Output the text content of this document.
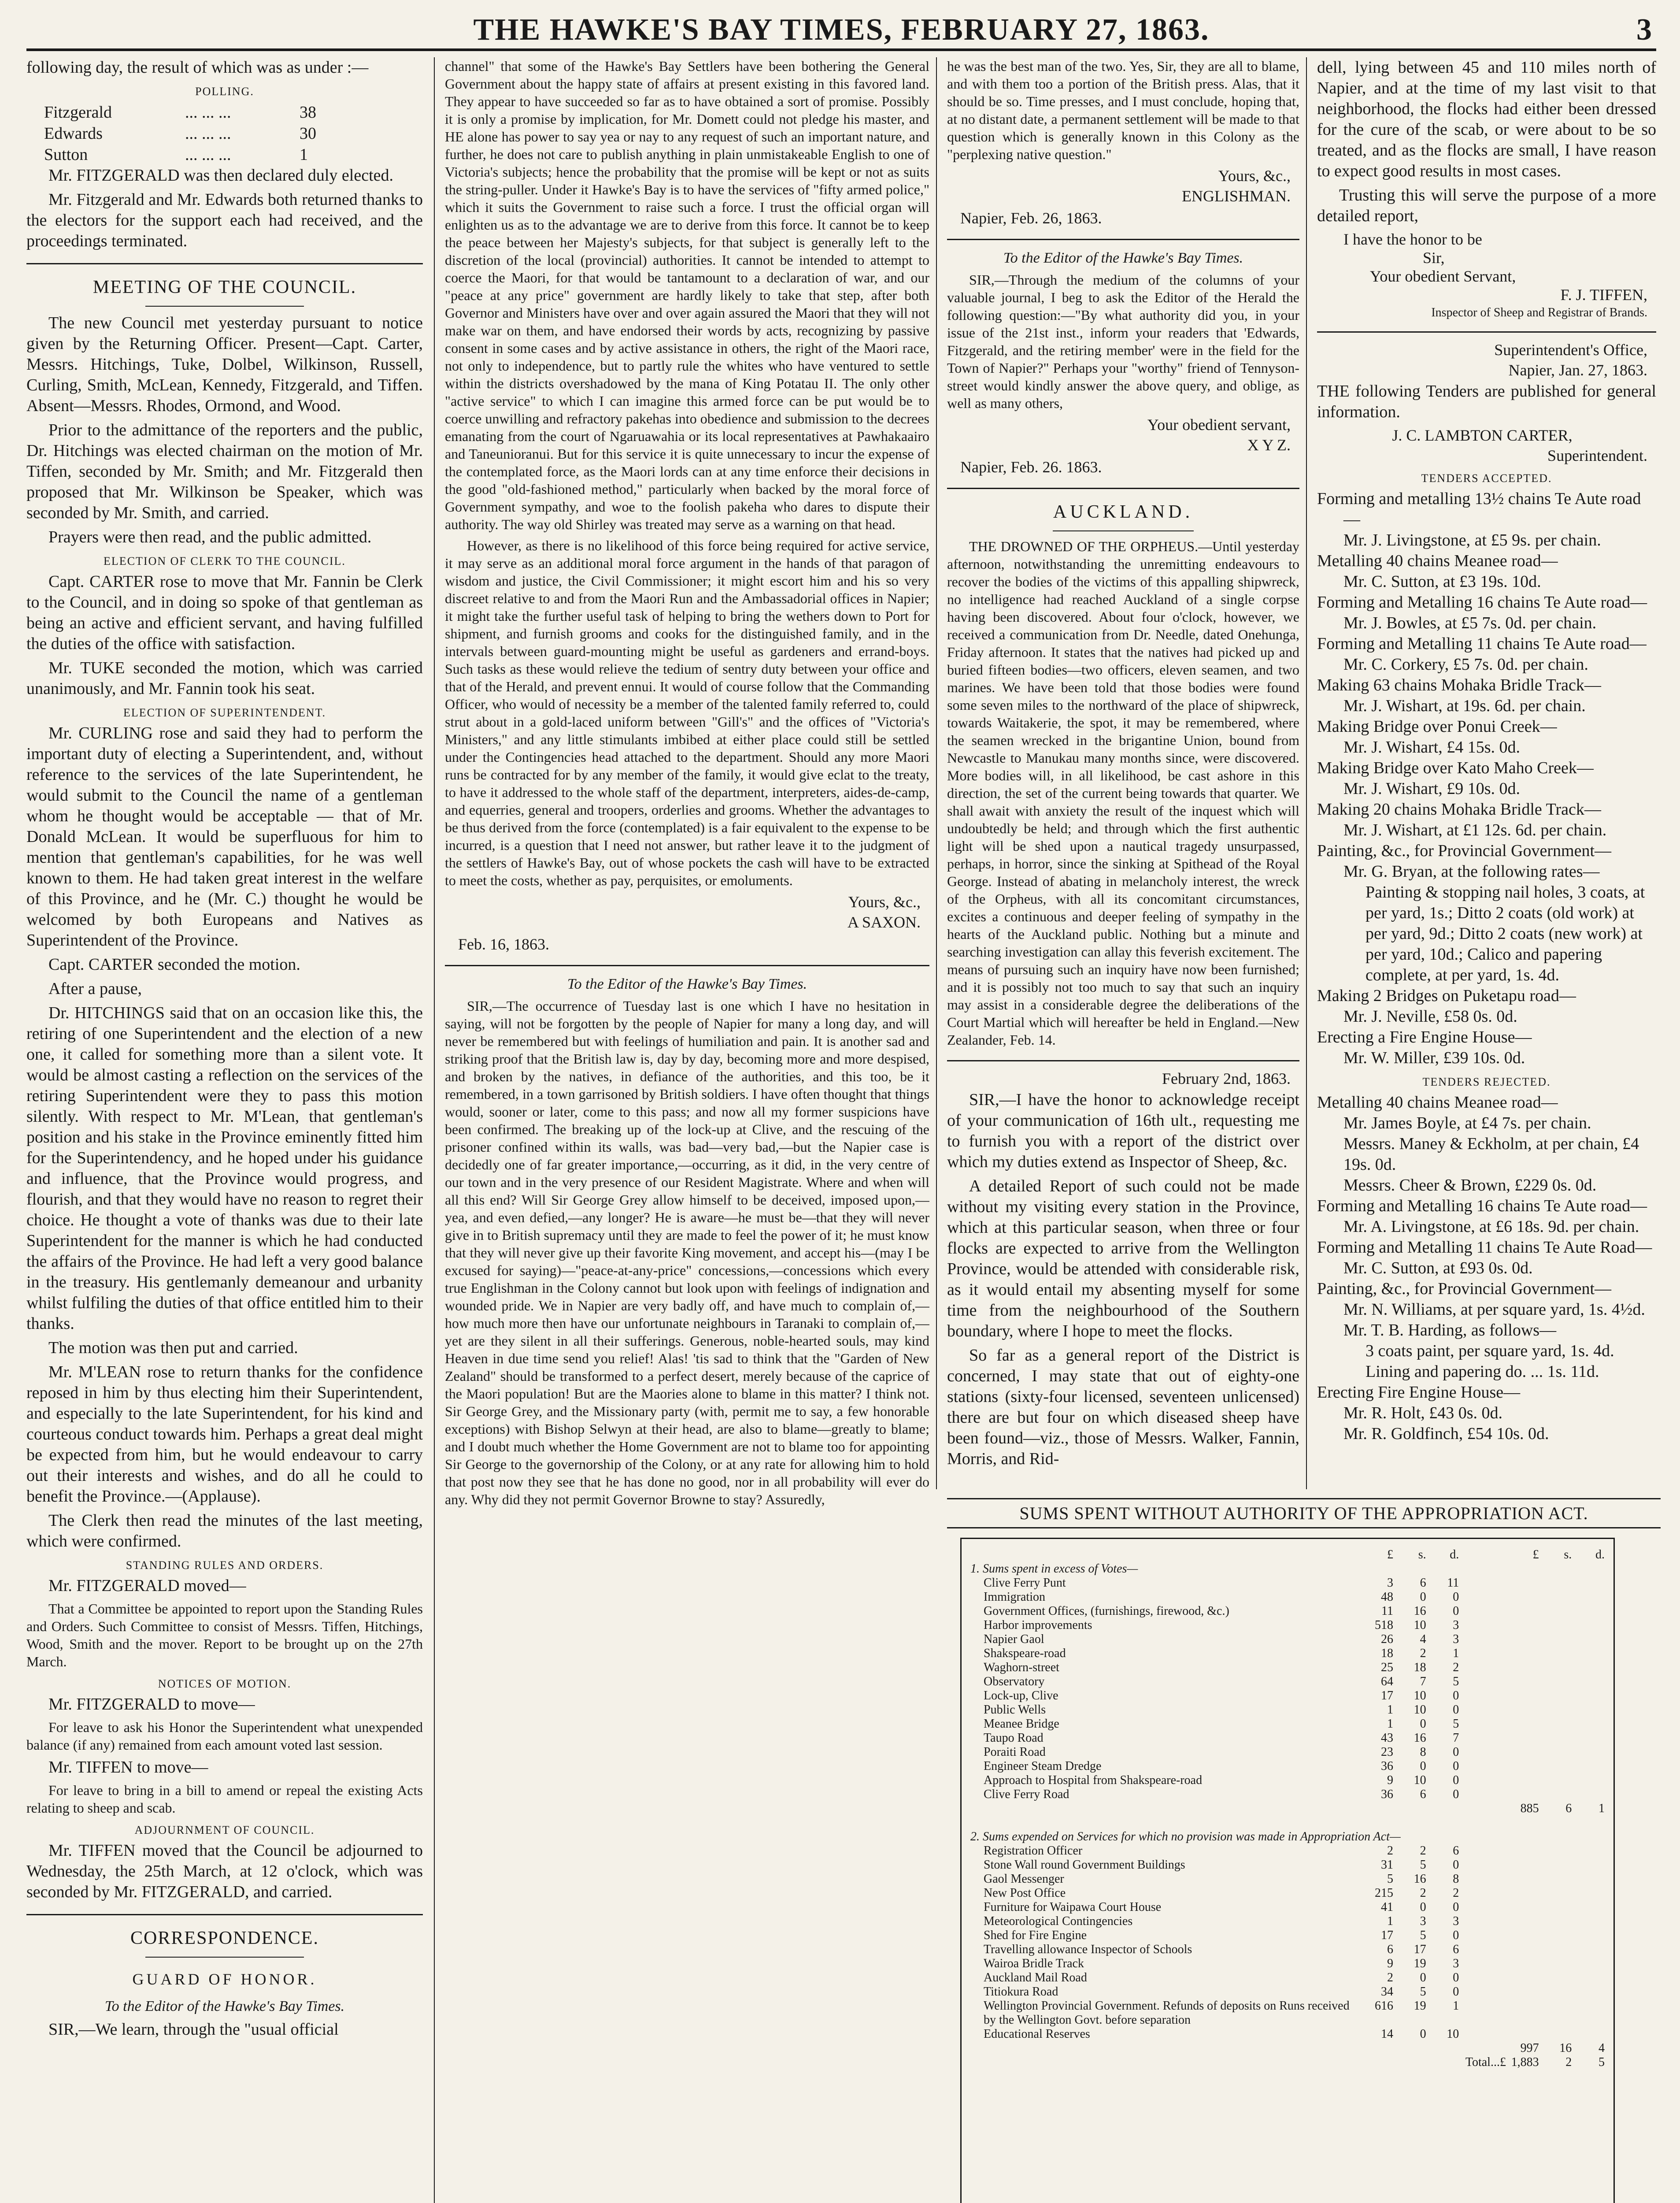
THE HAWKE'S BAY TIMES, FEBRUARY 27, 1863.	3

following day, the result of which was as under :—

POLLING.
Fitzgerald	... ... ...	38
Edwards	... ... ...	30
Sutton	... ... ...	1

Mr. FITZGERALD was then declared duly elected.

Mr. Fitzgerald and Mr. Edwards both returned thanks to the electors for the support each had received, and the proceedings terminated.

MEETING OF THE COUNCIL.

The new Council met yesterday pursuant to notice given by the Returning Officer. Present—Capt. Carter, Messrs. Hitchings, Tuke, Dolbel, Wilkinson, Russell, Curling, Smith, McLean, Kennedy, Fitzgerald, and Tiffen. Absent—Messrs. Rhodes, Ormond, and Wood.

Prior to the admittance of the reporters and the public, Dr. Hitchings was elected chairman on the motion of Mr. Tiffen, seconded by Mr. Smith; and Mr. Fitzgerald then proposed that Mr. Wilkinson be Speaker, which was seconded by Mr. Smith, and carried.

Prayers were then read, and the public admitted.

ELECTION OF CLERK TO THE COUNCIL.

Capt. CARTER rose to move that Mr. Fannin be Clerk to the Council, and in doing so spoke of that gentleman as being an active and efficient servant, and having fulfilled the duties of the office with satisfaction.

Mr. TUKE seconded the motion, which was carried unanimously, and Mr. Fannin took his seat.

ELECTION OF SUPERINTENDENT.

Mr. CURLING rose and said they had to perform the important duty of electing a Superintendent, and, without reference to the services of the late Superintendent, he would submit to the Council the name of a gentleman whom he thought would be acceptable — that of Mr. Donald McLean. It would be superfluous for him to mention that gentleman's capabilities, for he was well known to them. He had taken great interest in the welfare of this Province, and he (Mr. C.) thought he would be welcomed by both Europeans and Natives as Superintendent of the Province.

Capt. CARTER seconded the motion.

After a pause,

Dr. HITCHINGS said that on an occasion like this, the retiring of one Superintendent and the election of a new one, it called for something more than a silent vote. It would be almost casting a reflection on the services of the retiring Superintendent were they to pass this motion silently. With respect to Mr. M'Lean, that gentleman's position and his stake in the Province eminently fitted him for the Superintendency, and he hoped under his guidance and influence, that the Province would progress, and flourish, and that they would have no reason to regret their choice. He thought a vote of thanks was due to their late Superintendent for the manner is which he had conducted the affairs of the Province. He had left a very good balance in the treasury. His gentlemanly demeanour and urbanity whilst fulfiling the duties of that office entitled him to their thanks.

The motion was then put and carried.

Mr. M'LEAN rose to return thanks for the confidence reposed in him by thus electing him their Superintendent, and especially to the late Superintendent, for his kind and courteous conduct towards him. Perhaps a great deal might be expected from him, but he would endeavour to carry out their interests and wishes, and do all he could to benefit the Province.—(Applause).

The Clerk then read the minutes of the last meeting, which were confirmed.

STANDING RULES AND ORDERS.

Mr. FITZGERALD moved—

That a Committee be appointed to report upon the Standing Rules and Orders. Such Committee to consist of Messrs. Tiffen, Hitchings, Wood, Smith and the mover. Report to be brought up on the 27th March.

NOTICES OF MOTION.

Mr. FITZGERALD to move—

For leave to ask his Honor the Superintendent what unexpended balance (if any) remained from each amount voted last session.

Mr. TIFFEN to move—

For leave to bring in a bill to amend or repeal the existing Acts relating to sheep and scab.

ADJOURNMENT OF COUNCIL.

Mr. TIFFEN moved that the Council be adjourned to Wednesday, the 25th March, at 12 o'clock, which was seconded by Mr. FITZGERALD, and carried.

CORRESPONDENCE.
GUARD OF HONOR.
To the Editor of the Hawke's Bay Times.

SIR,—We learn, through the "usual official

channel" that some of the Hawke's Bay Settlers have been bothering the General Government about the happy state of affairs at present existing in this favored land. They appear to have succeeded so far as to have obtained a sort of promise. Possibly it is only a promise by implication, for Mr. Domett could not pledge his master, and HE alone has power to say yea or nay to any request of such an important nature, and further, he does not care to publish anything in plain unmistakeable English to one of Victoria's subjects; hence the probability that the promise will be kept or not as suits the string-puller. Under it Hawke's Bay is to have the services of "fifty armed police," which it suits the Government to raise such a force. I trust the official organ will enlighten us as to the advantage we are to derive from this force. It cannot be to keep the peace between her Majesty's subjects, for that subject is generally left to the discretion of the local (provincial) authorities. It cannot be intended to attempt to coerce the Maori, for that would be tantamount to a declaration of war, and our "peace at any price" government are hardly likely to take that step, after both Governor and Ministers have over and over again assured the Maori that they will not make war on them, and have endorsed their words by acts, recognizing by passive consent in some cases and by active assistance in others, the right of the Maori race, not only to independence, but to partly rule the whites who have ventured to settle within the districts overshadowed by the mana of King Potatau II. The only other "active service" to which I can imagine this armed force can be put would be to coerce unwilling and refractory pakehas into obedience and submission to the decrees emanating from the court of Ngaruawahia or its local representatives at Pawhakaairo and Taneunioranui. But for this service it is quite unnecessary to incur the expense of the contemplated force, as the Maori lords can at any time enforce their decisions in the good "old-fashioned method," particularly when backed by the moral force of Government sympathy, and woe to the foolish pakeha who dares to dispute their authority. The way old Shirley was treated may serve as a warning on that head.

However, as there is no likelihood of this force being required for active service, it may serve as an additional moral force argument in the hands of that paragon of wisdom and justice, the Civil Commissioner; it might escort him and his so very discreet relative to and from the Maori Run and the Ambassadorial offices in Napier; it might take the further useful task of helping to bring the wethers down to Port for shipment, and furnish grooms and cooks for the distinguished family, and in the intervals between guard-mounting might be useful as gardeners and errand-boys. Such tasks as these would relieve the tedium of sentry duty between your office and that of the Herald, and prevent ennui. It would of course follow that the Commanding Officer, who would of necessity be a member of the talented family referred to, could strut about in a gold-laced uniform between "Gill's" and the offices of "Victoria's Ministers," and any little stimulants imbibed at either place could still be settled under the Contingencies head attached to the department. Should any more Maori runs be contracted for by any member of the family, it would give eclat to the treaty, to have it addressed to the whole staff of the department, interpreters, aides-de-camp, and equerries, general and troopers, orderlies and grooms. Whether the advantages to be thus derived from the force (contemplated) is a fair equivalent to the expense to be incurred, is a question that I need not answer, but rather leave it to the judgment of the settlers of Hawke's Bay, out of whose pockets the cash will have to be extracted to meet the costs, whether as pay, perquisites, or emoluments.

Yours, &c.,
A SAXON.
Feb. 16, 1863.
To the Editor of the Hawke's Bay Times.

SIR,—The occurrence of Tuesday last is one which I have no hesitation in saying, will not be forgotten by the people of Napier for many a long day, and will never be remembered but with feelings of humiliation and pain. It is another sad and striking proof that the British law is, day by day, becoming more and more despised, and broken by the natives, in defiance of the authorities, and this too, be it remembered, in a town garrisoned by British soldiers. I have often thought that things would, sooner or later, come to this pass; and now all my former suspicions have been confirmed. The breaking up of the lock-up at Clive, and the rescuing of the prisoner confined within its walls, was bad—very bad,—but the Napier case is decidedly one of far greater importance,—occurring, as it did, in the very centre of our town and in the very presence of our Resident Magistrate. Where and when will all this end? Will Sir George Grey allow himself to be deceived, imposed upon,—yea, and even defied,—any longer? He is aware—he must be—that they will never give in to British supremacy until they are made to feel the power of it; he must know that they will never give up their favorite King movement, and accept his—(may I be excused for saying)—"peace-at-any-price" concessions,—concessions which every true Englishman in the Colony cannot but look upon with feelings of indignation and wounded pride. We in Napier are very badly off, and have much to complain of,—how much more then have our unfortunate neighbours in Taranaki to complain of,—yet are they silent in all their sufferings. Generous, noble-hearted souls, may kind Heaven in due time send you relief! Alas! 'tis sad to think that the "Garden of New Zealand" should be transformed to a perfect desert, merely because of the caprice of the Maori population! But are the Maories alone to blame in this matter? I think not. Sir George Grey, and the Missionary party (with, permit me to say, a few honorable exceptions) with Bishop Selwyn at their head, are also to blame—greatly to blame; and I doubt much whether the Home Government are not to blame too for appointing Sir George to the governorship of the Colony, or at any rate for allowing him to hold that post now they see that he has done no good, nor in all probability will ever do any. Why did they not permit Governor Browne to stay? Assuredly,

he was the best man of the two. Yes, Sir, they are all to blame, and with them too a portion of the British press. Alas, that it should be so. Time presses, and I must conclude, hoping that, at no distant date, a permanent settlement will be made to that question which is generally known in this Colony as the "perplexing native question."

Yours, &c.,
ENGLISHMAN.
Napier, Feb. 26, 1863.
To the Editor of the Hawke's Bay Times.

SIR,—Through the medium of the columns of your valuable journal, I beg to ask the Editor of the Herald the following question:—"By what authority did you, in your issue of the 21st inst., inform your readers that 'Edwards, Fitzgerald, and the retiring member' were in the field for the Town of Napier?" Perhaps your "worthy" friend of Tennyson-street would kindly answer the above query, and oblige, as well as many others,

Your obedient servant,
X Y Z.
Napier, Feb. 26. 1863.
AUCKLAND.

THE DROWNED OF THE ORPHEUS.—Until yesterday afternoon, notwithstanding the unremitting endeavours to recover the bodies of the victims of this appalling shipwreck, no intelligence had reached Auckland of a single corpse having been discovered. About four o'clock, however, we received a communication from Dr. Needle, dated Onehunga, Friday afternoon. It states that the natives had picked up and buried fifteen bodies—two officers, eleven seamen, and two marines. We have been told that those bodies were found some seven miles to the northward of the place of shipwreck, towards Waitakerie, the spot, it may be remembered, where the seamen wrecked in the brigantine Union, bound from Newcastle to Manukau many months since, were discovered. More bodies will, in all likelihood, be cast ashore in this direction, the set of the current being towards that quarter. We shall await with anxiety the result of the inquest which will undoubtedly be held; and through which the first authentic light will be shed upon a nautical tragedy unsurpassed, perhaps, in horror, since the sinking at Spithead of the Royal George. Instead of abating in melancholy interest, the wreck of the Orpheus, with all its concomitant circumstances, excites a continuous and deeper feeling of sympathy in the hearts of the Auckland public. Nothing but a minute and searching investigation can allay this feverish excitement. The means of pursuing such an inquiry have now been furnished; and it is possibly not too much to say that such an inquiry may assist in a considerable degree the deliberations of the Court Martial which will hereafter be held in England.—New Zealander, Feb. 14.

February 2nd, 1863.

SIR,—I have the honor to acknowledge receipt of your communication of 16th ult., requesting me to furnish you with a report of the district over which my duties extend as Inspector of Sheep, &c.

A detailed Report of such could not be made without my visiting every station in the Province, which at this particular season, when three or four flocks are expected to arrive from the Wellington Province, would be attended with considerable risk, as it would entail my absenting myself for some time from the neighbourhood of the Southern boundary, where I hope to meet the flocks.

So far as a general report of the District is concerned, I may state that out of eighty-one stations (sixty-four licensed, seventeen unlicensed) there are but four on which diseased sheep have been found—viz., those of Messrs. Walker, Fannin, Morris, and Rid-

dell, lying between 45 and 110 miles north of Napier, and at the time of my last visit to that neighborhood, the flocks had either been dressed for the cure of the scab, or were about to be so treated, and as the flocks are small, I have reason to expect good results in most cases.

Trusting this will serve the purpose of a more detailed report,

I have the honor to be
Sir,
Your obedient Servant,
F. J. TIFFEN,
Inspector of Sheep and Registrar of Brands.
Superintendent's Office,
Napier, Jan. 27, 1863.

THE following Tenders are published for general information.

J. C. LAMBTON CARTER,
Superintendent.
TENDERS ACCEPTED.
Forming and metalling 13½ chains Te Aute road—
Mr. J. Livingstone, at £5 9s. per chain.
Metalling 40 chains Meanee road—
Mr. C. Sutton, at £3 19s. 10d.
Forming and Metalling 16 chains Te Aute road—
Mr. J. Bowles, at £5 7s. 0d. per chain.
Forming and Metalling 11 chains Te Aute road—
Mr. C. Corkery, £5 7s. 0d. per chain.
Making 63 chains Mohaka Bridle Track—
Mr. J. Wishart, at 19s. 6d. per chain.
Making Bridge over Ponui Creek—
Mr. J. Wishart, £4 15s. 0d.
Making Bridge over Kato Maho Creek—
Mr. J. Wishart, £9 10s. 0d.
Making 20 chains Mohaka Bridle Track—
Mr. J. Wishart, at £1 12s. 6d. per chain.
Painting, &c., for Provincial Government—
Mr. G. Bryan, at the following rates—
Painting & stopping nail holes, 3 coats, at per yard, 1s.; Ditto 2 coats (old work) at per yard, 9d.; Ditto 2 coats (new work) at per yard, 10d.; Calico and papering complete, at per yard, 1s. 4d.
Making 2 Bridges on Puketapu road—
Mr. J. Neville, £58 0s. 0d.
Erecting a Fire Engine House—
Mr. W. Miller, £39 10s. 0d.
TENDERS REJECTED.
Metalling 40 chains Meanee road—
Mr. James Boyle, at £4 7s. per chain.
Messrs. Maney & Eckholm, at per chain, £4 19s. 0d.
Messrs. Cheer & Brown, £229 0s. 0d.
Forming and Metalling 16 chains Te Aute road—
Mr. A. Livingstone, at £6 18s. 9d. per chain.
Forming and Metalling 11 chains Te Aute Road—
Mr. C. Sutton, at £93 0s. 0d.
Painting, &c., for Provincial Government—
Mr. N. Williams, at per square yard, 1s. 4½d.
Mr. T. B. Harding, as follows—
3 coats paint, per square yard, 1s. 4d.
Lining and papering do. ... 1s. 11d.
Erecting Fire Engine House—
Mr. R. Holt, £43 0s. 0d.
Mr. R. Goldfinch, £54 10s. 0d.
SUMS SPENT WITHOUT AUTHORITY OF THE APPROPRIATION ACT.
	£	s.	d.		£	s.	d.
1. Sums spent in excess of Votes—							
Clive Ferry Punt	3	6	11				
Immigration	48	0	0				
Government Offices, (furnishings, firewood, &c.)	11	16	0				
Harbor improvements	518	10	3				
Napier Gaol	26	4	3				
Shakspeare-road	18	2	1				
Waghorn-street	25	18	2				
Observatory	64	7	5				
Lock-up, Clive	17	10	0				
Public Wells	1	10	0				
Meanee Bridge	1	0	5				
Taupo Road	43	16	7				
Poraiti Road	23	8	0				
Engineer Steam Dredge	36	0	0				
Approach to Hospital from Shakspeare-road	9	10	0				
Clive Ferry Road	36	6	0				
					885	6	1

2. Sums expended on Services for which no provision was made in Appropriation Act—							
Registration Officer	2	2	6				
Stone Wall round Government Buildings	31	5	0				
Gaol Messenger	5	16	8				
New Post Office	215	2	2				
Furniture for Waipawa Court House	41	0	0				
Meteorological Contingencies	1	3	3				
Shed for Fire Engine	17	5	0				
Travelling allowance Inspector of Schools	6	17	6				
Wairoa Bridle Track	9	19	3				
Auckland Mail Road	2	0	0				
Titiokura Road	34	5	0				
Wellington Provincial Government. Refunds of deposits on Runs received by the Wellington Govt. before separation	616	19	1				
Educational Reserves	14	0	10				
					997	16	4
Total...£					1,883	2	5
